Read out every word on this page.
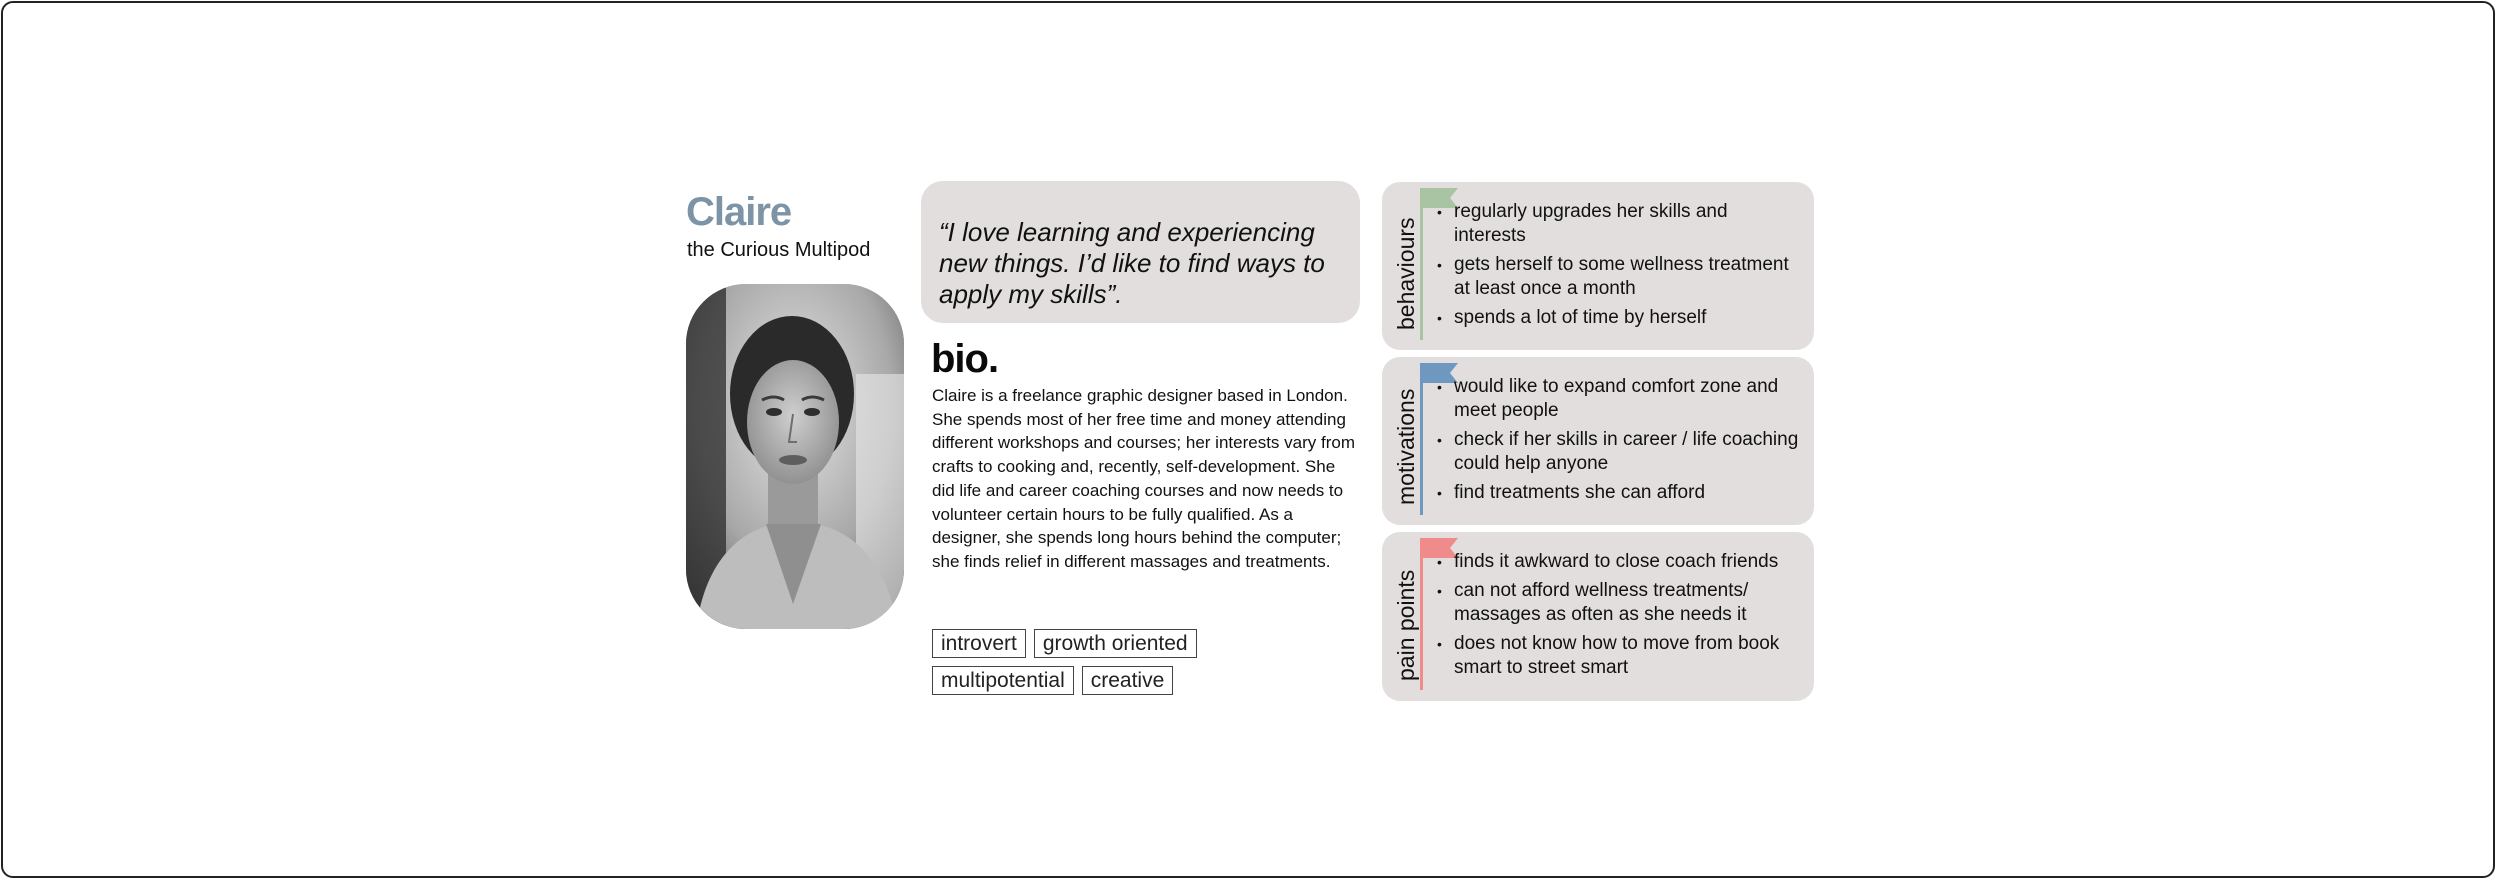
Claire
the Curious Multipod
“I love learning and experiencing new things. I’d like to find ways to apply my skills”.
bio.
Claire is a freelance graphic designer based in London. She spends most of her free time and money attending different workshops and courses; her interests vary from crafts to cooking and, recently, self-development. She did life and career coaching courses and now needs to volunteer certain hours to be fully qualified. As a designer, she spends long hours behind the computer; she finds relief in different massages and treatments.
introvert	growth oriented
multipotential	creative
behaviours
• regularly upgrades her skills and interests
• gets herself to some wellness treatment at least once a month
• spends a lot of time by herself
motivations
• would like to expand comfort zone and meet people
• check if her skills in career / life coaching could help anyone
• find treatments she can afford
pain points
• finds it awkward to close coach friends
• can not afford wellness treatments/ massages as often as she needs it
• does not know how to move from book smart to street smart
